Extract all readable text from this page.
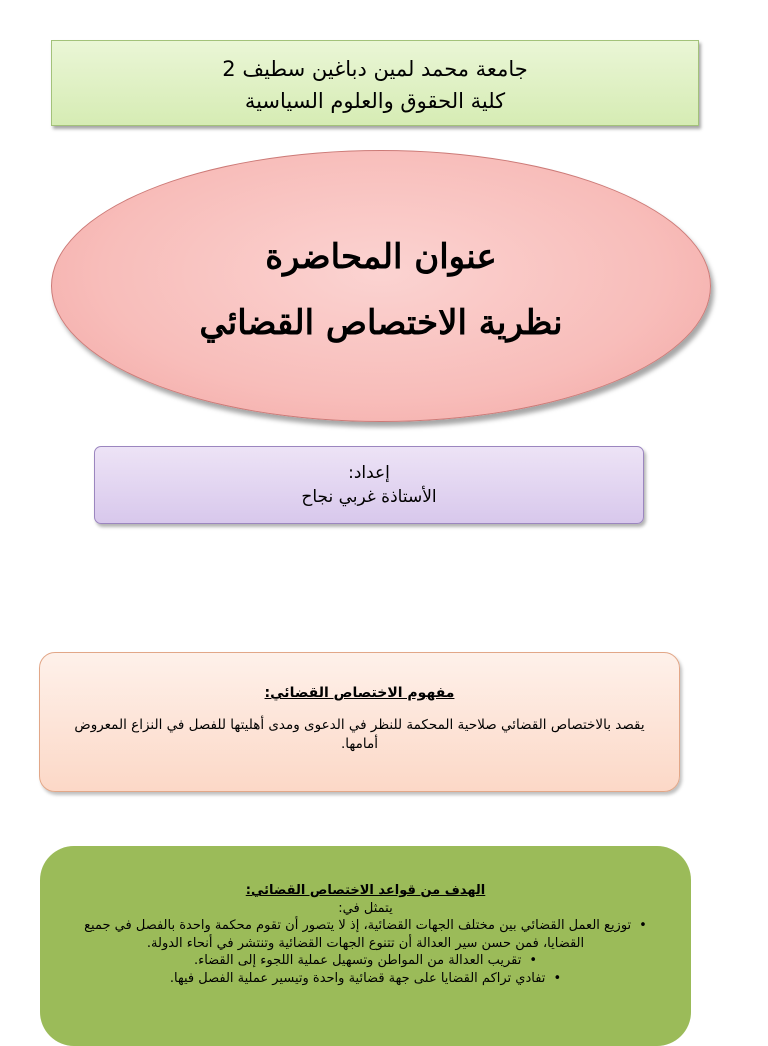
جامعة محمد لمين دباغين سطيف 2
كلية الحقوق والعلوم السياسية
عنوان المحاضرة
نظرية الاختصاص القضائي
إعداد:
الأستاذة غربي نجاح
مفهوم الاختصاص القضائي:
يقصد بالاختصاص القضائي صلاحية المحكمة للنظر في الدعوى ومدى أهليتها للفصل في النزاع المعروض أمامها.
الهدف من قواعد الاختصاص القضائي:
يتمثل في:
•توزيع العمل القضائي بين مختلف الجهات القضائية، إذ لا يتصور أن تقوم محكمة واحدة بالفصل في جميع القضايا، فمن حسن سير العدالة أن تتنوع الجهات القضائية وتنتشر في أنحاء الدولة.
•تقريب العدالة من المواطن وتسهيل عملية اللجوء إلى القضاء.
•تفادي تراكم القضايا على جهة قضائية واحدة وتيسير عملية الفصل فيها.
